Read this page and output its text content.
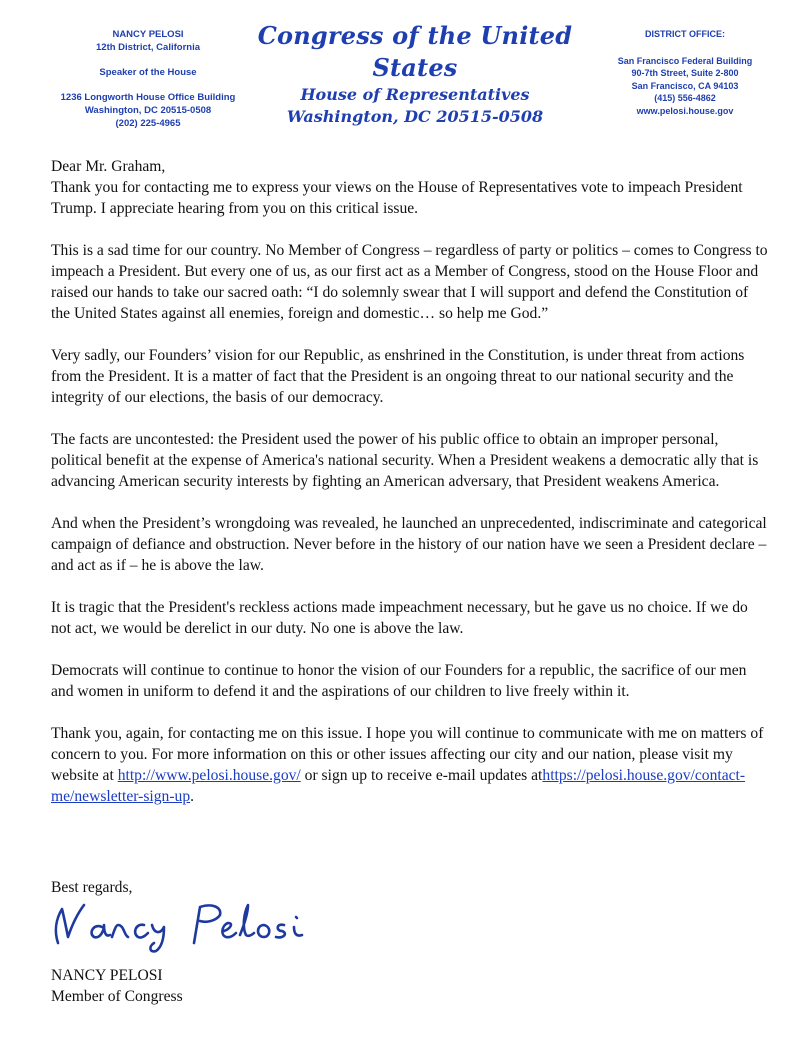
NANCY PELOSI
12th District, California
Speaker of the House
1236 Longworth House Office Building
Washington, DC 20515-0508
(202) 225-4965
Congress of the United States
House of Representatives
Washington, DC 20515-0508
DISTRICT OFFICE:
San Francisco Federal Building
90-7th Street, Suite 2-800
San Francisco, CA 94103
(415) 556-4862
www.pelosi.house.gov

Dear Mr. Graham,

Thank you for contacting me to express your views on the House of Representatives vote to impeach President Trump. I appreciate hearing from you on this critical issue.

This is a sad time for our country. No Member of Congress – regardless of party or politics – comes to Congress to impeach a President. But every one of us, as our first act as a Member of Congress, stood on the House Floor and raised our hands to take our sacred oath: “I do solemnly swear that I will support and defend the Constitution of the United States against all enemies, foreign and domestic… so help me God.”

Very sadly, our Founders’ vision for our Republic, as enshrined in the Constitution, is under threat from actions from the President. It is a matter of fact that the President is an ongoing threat to our national security and the integrity of our elections, the basis of our democracy.

The facts are uncontested: the President used the power of his public office to obtain an improper personal, political benefit at the expense of America's national security. When a President weakens a democratic ally that is advancing American security interests by fighting an American adversary, that President weakens America.

And when the President’s wrongdoing was revealed, he launched an unprecedented, indiscriminate and categorical campaign of defiance and obstruction. Never before in the history of our nation have we seen a President declare – and act as if – he is above the law.

It is tragic that the President's reckless actions made impeachment necessary, but he gave us no choice. If we do not act, we would be derelict in our duty. No one is above the law.

Democrats will continue to continue to honor the vision of our Founders for a republic, the sacrifice of our men and women in uniform to defend it and the aspirations of our children to live freely within it.

Thank you, again, for contacting me on this issue. I hope you will continue to communicate with me on matters of concern to you. For more information on this or other issues affecting our city and our nation, please visit my website at http://www.pelosi.house.gov/ or sign up to receive e-mail updates athttps://pelosi.house.gov/contact-me/newsletter-sign-up.

Best regards,
NANCY PELOSI
Member of Congress
